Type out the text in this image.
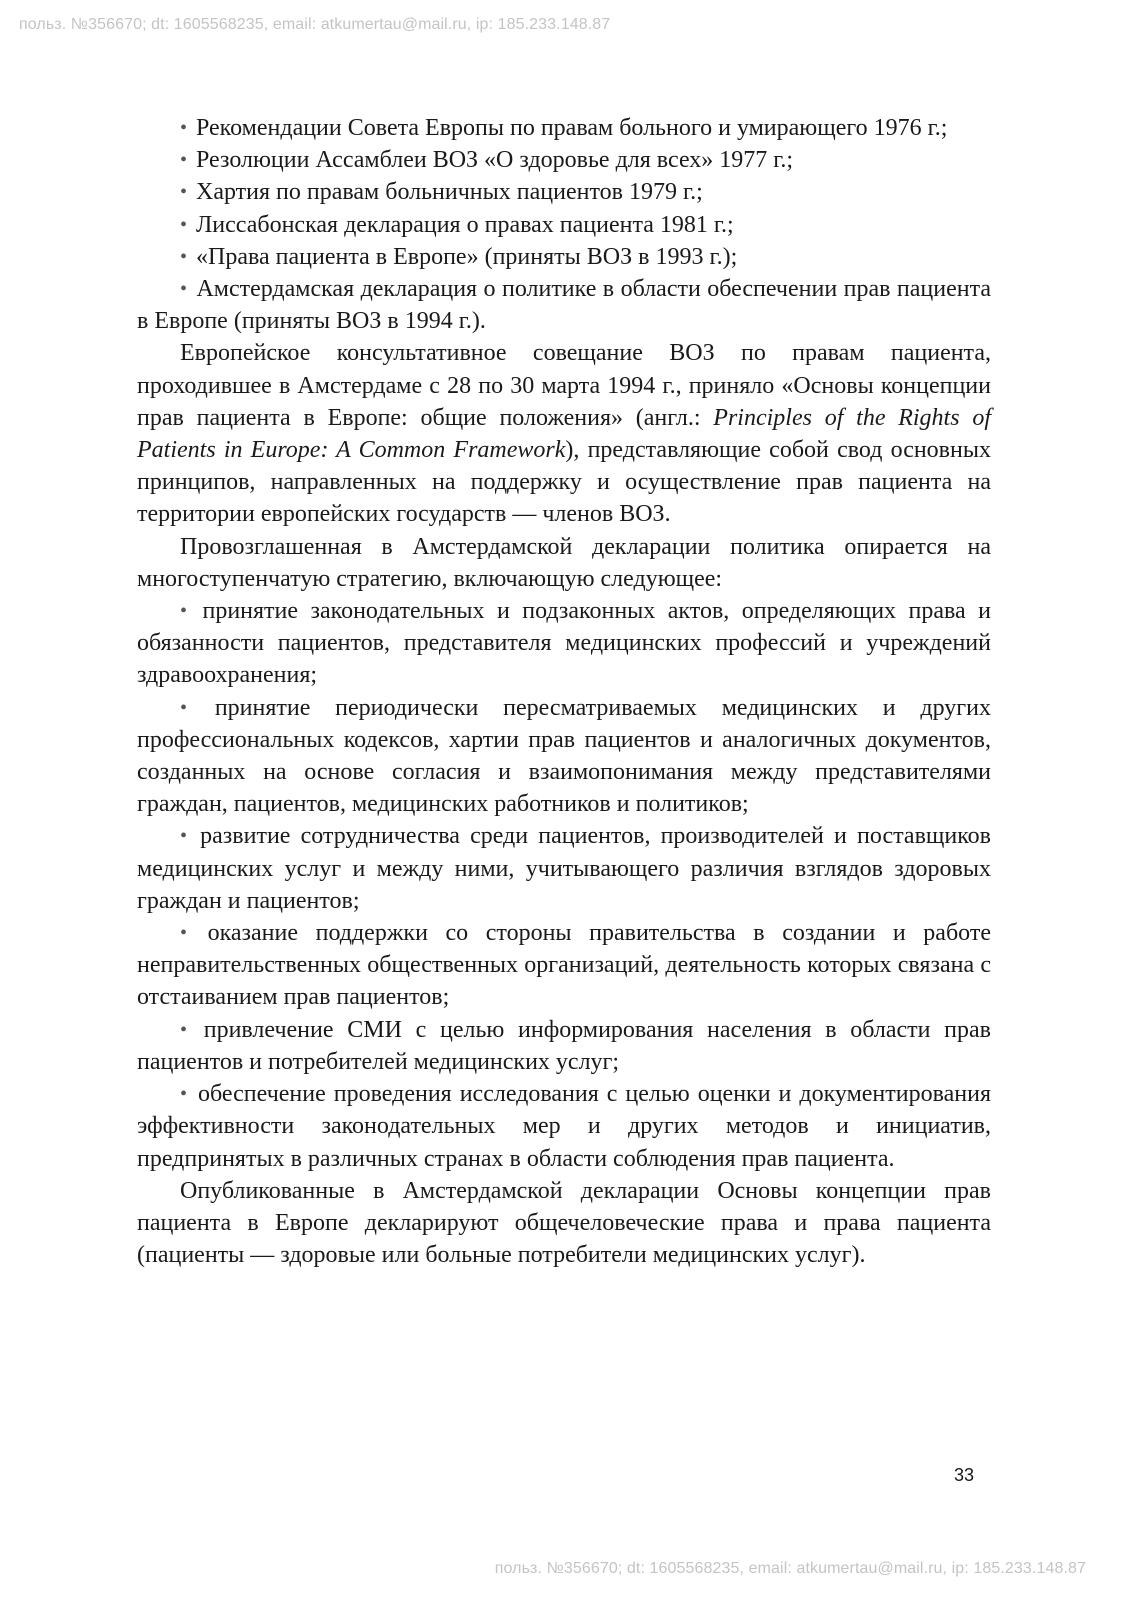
польз. №356670; dt: 1605568235, email: atkumertau@mail.ru, ip: 185.233.148.87

• Рекомендации Совета Европы по правам больного и умирающего 1976 г.;

• Резолюции Ассамблеи ВОЗ «О здоровье для всех» 1977 г.;

• Хартия по правам больничных пациентов 1979 г.;

• Лиссабонская декларация о правах пациента 1981 г.;

• «Права пациента в Европе» (приняты ВОЗ в 1993 г.);

• Амстердамская декларация о политике в области обеспечении прав пациента в Европе (приняты ВОЗ в 1994 г.).

Европейское консультативное совещание ВОЗ по правам пациента, проходившее в Амстердаме с 28 по 30 марта 1994 г., приняло «Основы концепции прав пациента в Европе: общие положения» (англ.: Principles of the Rights of Patients in Europe: A Common Framework), представляющие собой свод основных принципов, направленных на поддержку и осуществление прав пациента на территории европейских государств — членов ВОЗ.

Провозглашенная в Амстердамской декларации политика опирается на многоступенчатую стратегию, включающую следующее:

• принятие законодательных и подзаконных актов, определяющих права и обязанности пациентов, представителя медицинских профессий и учреждений здравоохранения;

• принятие периодически пересматриваемых медицинских и других профессиональных кодексов, хартии прав пациентов и аналогичных документов, созданных на основе согласия и взаимопонимания между представителями граждан, пациентов, медицинских работников и политиков;

• развитие сотрудничества среди пациентов, производителей и поставщиков медицинских услуг и между ними, учитывающего различия взглядов здоровых граждан и пациентов;

• оказание поддержки со стороны правительства в создании и работе неправительственных общественных организаций, деятельность которых связана с отстаиванием прав пациентов;

• привлечение СМИ с целью информирования населения в области прав пациентов и потребителей медицинских услуг;

• обеспечение проведения исследования с целью оценки и документирования эффективности законодательных мер и других методов и инициатив, предпринятых в различных странах в области соблюдения прав пациента.

Опубликованные в Амстердамской декларации Основы концепции прав пациента в Европе декларируют общечеловеческие права и права пациента (пациенты — здоровые или больные потребители медицинских услуг).

33
польз. №356670; dt: 1605568235, email: atkumertau@mail.ru, ip: 185.233.148.87
